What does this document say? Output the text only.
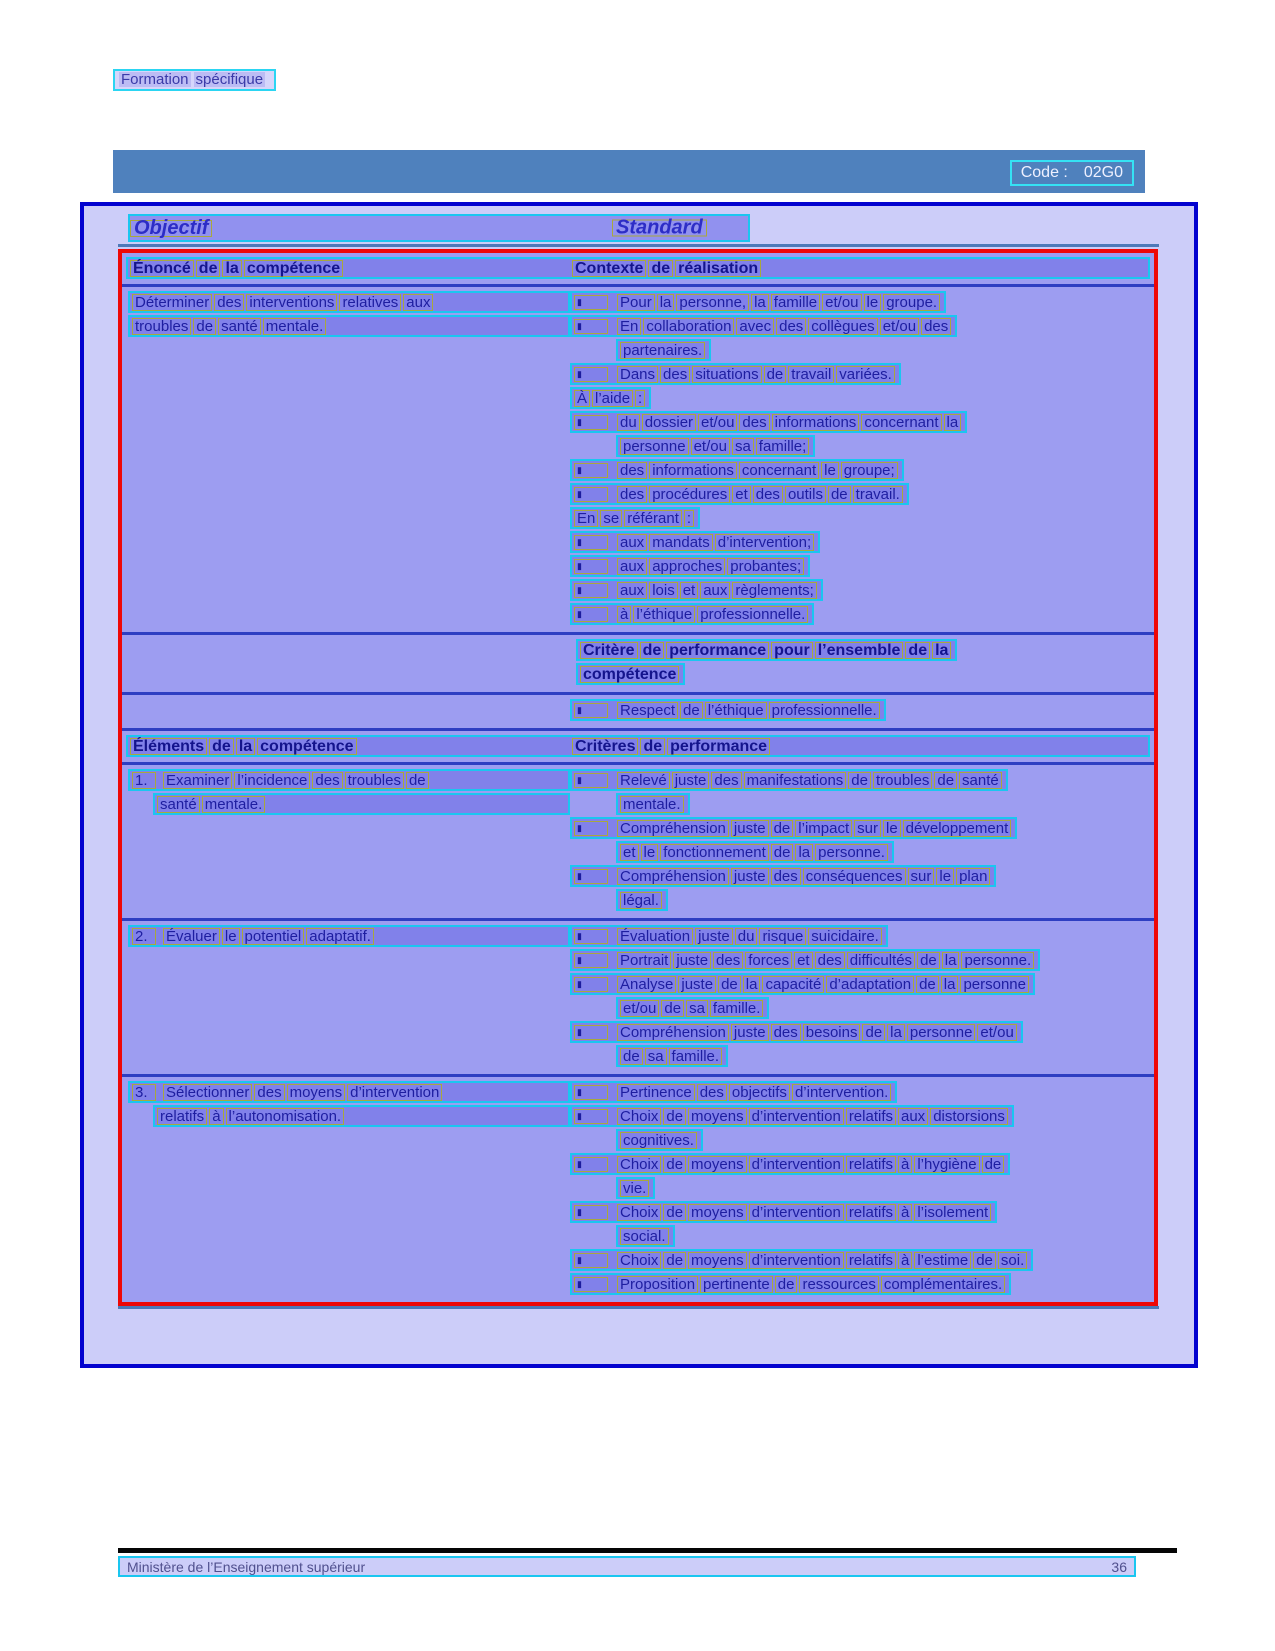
Formation spécifique
Code : 02G0
Objectif	Standard
Énoncé de la compétence	Contexte de réalisation
Déterminer des interventions relatives aux
troubles de santé mentale.
▮	Pour la personne, la famille et/ou le groupe.
▮	En collaboration avec des collègues et/ou des
partenaires.
▮	Dans des situations de travail variées.
À l’aide :
▮	du dossier et/ou des informations concernant la
personne et/ou sa famille;
▮	des informations concernant le groupe;
▮	des procédures et des outils de travail.
En se référant :
▮	aux mandats d’intervention;
▮	aux approches probantes;
▮	aux lois et aux règlements;
▮	à l’éthique professionnelle.
Critère de performance pour l’ensemble de la
compétence
▮	Respect de l’éthique professionnelle.
Éléments de la compétence	Critères de performance
1.	Examiner l’incidence des troubles de
santé mentale.
▮	Relevé juste des manifestations de troubles de santé
mentale.
▮	Compréhension juste de l’impact sur le développement
et le fonctionnement de la personne.
▮	Compréhension juste des conséquences sur le plan
légal.
2.	Évaluer le potentiel adaptatif.	▮	Évaluation juste du risque suicidaire.
▮	Portrait juste des forces et des difficultés de la personne.
▮	Analyse juste de la capacité d’adaptation de la personne
et/ou de sa famille.
▮	Compréhension juste des besoins de la personne et/ou
de sa famille.
3.	Sélectionner des moyens d’intervention
relatifs à l’autonomisation.
▮	Pertinence des objectifs d’intervention.
▮	Choix de moyens d’intervention relatifs aux distorsions
cognitives.
▮	Choix de moyens d’intervention relatifs à l’hygiène de
vie.
▮	Choix de moyens d’intervention relatifs à l’isolement
social.
▮	Choix de moyens d’intervention relatifs à l’estime de soi.
▮	Proposition pertinente de ressources complémentaires.
Ministère de l’Enseignement supérieur	36
